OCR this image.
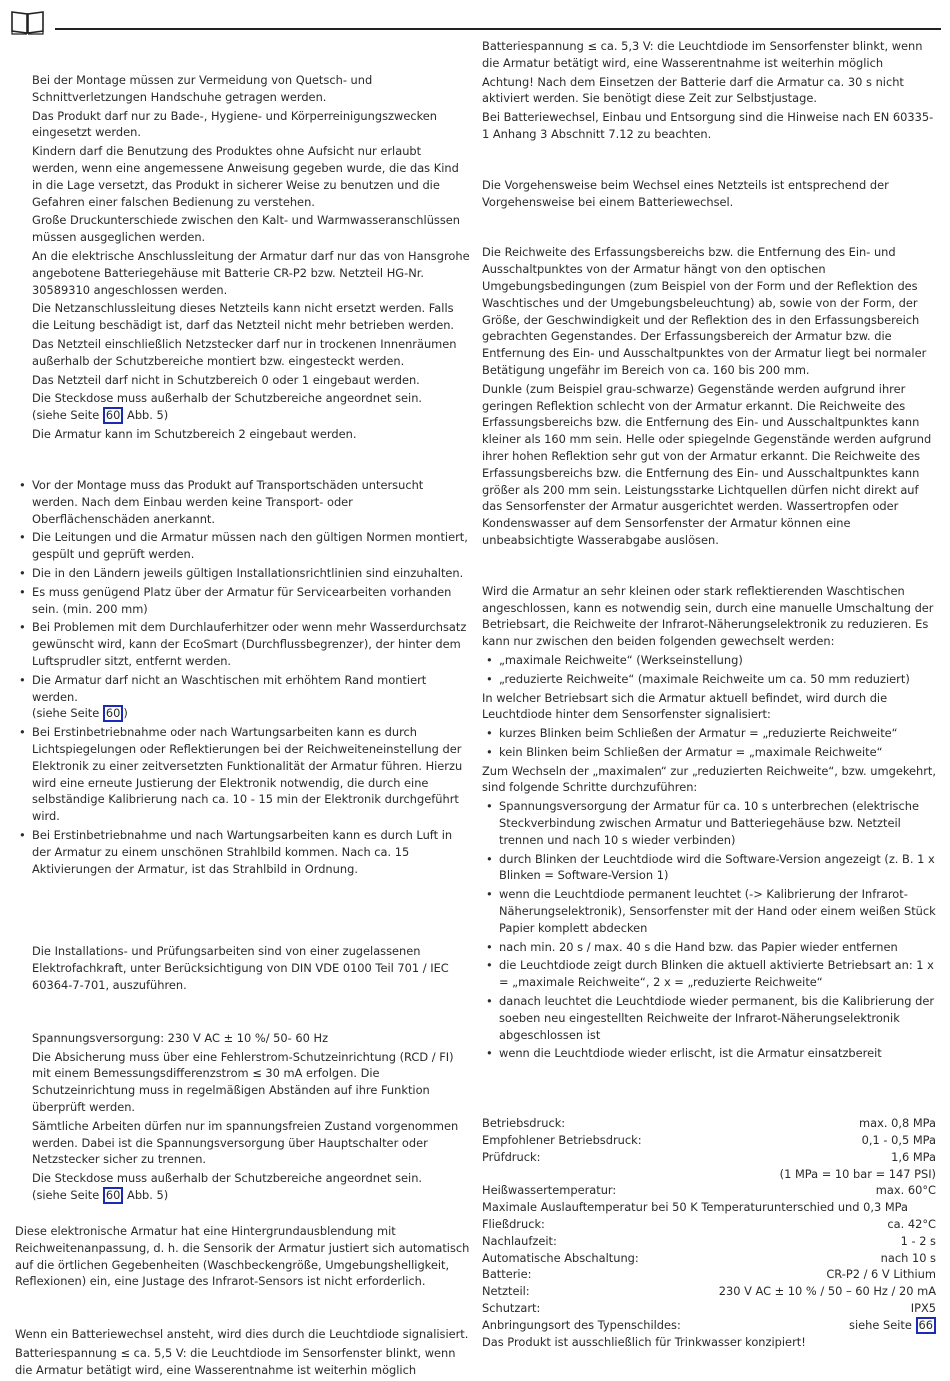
Bei der Montage müssen zur Vermeidung von Quetsch- und Schnittverletzungen Handschuhe getragen werden.

Das Produkt darf nur zu Bade-, Hygiene- und Körperreinigungszwecken eingesetzt werden.

Kindern darf die Benutzung des Produktes ohne Aufsicht nur erlaubt werden, wenn eine angemessene Anweisung gegeben wurde, die das Kind in die Lage versetzt, das Produkt in sicherer Weise zu benutzen und die Gefahren einer falschen Bedienung zu verstehen.

Große Druckunterschiede zwischen den Kalt- und Warmwasseranschlüssen müssen ausgeglichen werden.

An die elektrische Anschlussleitung der Armatur darf nur das von Hansgrohe angebotene Batteriegehäuse mit Batterie CR-P2 bzw. Netzteil HG-Nr. 30589310 angeschlossen werden.

Die Netzanschlussleitung dieses Netzteils kann nicht ersetzt werden. Falls die Leitung beschädigt ist, darf das Netzteil nicht mehr betrieben werden.

Das Netzteil einschließlich Netzstecker darf nur in trockenen Innenräumen außerhalb der Schutzbereiche montiert bzw. eingesteckt werden.

Das Netzteil darf nicht in Schutzbereich 0 oder 1 eingebaut werden.

Die Steckdose muss außerhalb der Schutzbereiche angeordnet sein.
(siehe Seite 60 Abb. 5)

Die Armatur kann im Schutzbereich 2 eingebaut werden.

• Vor der Montage muss das Produkt auf Transportschäden untersucht werden. Nach dem Einbau werden keine Transport- oder Oberflächenschäden anerkannt.
• Die Leitungen und die Armatur müssen nach den gültigen Normen montiert, gespült und geprüft werden.
• Die in den Ländern jeweils gültigen Installationsrichtlinien sind einzuhalten.
• Es muss genügend Platz über der Armatur für Servicearbeiten vorhanden sein. (min. 200 mm)
• Bei Problemen mit dem Durchlauferhitzer oder wenn mehr Wasserdurchsatz gewünscht wird, kann der EcoSmart (Durchflussbegrenzer), der hinter dem Luftsprudler sitzt, entfernt werden.
• Die Armatur darf nicht an Waschtischen mit erhöhtem Rand montiert werden.
(siehe Seite 60 )
• Bei Erstinbetriebnahme oder nach Wartungsarbeiten kann es durch Lichtspiegelungen oder Reflektierungen bei der Reichweiteneinstellung der Elektronik zu einer zeitversetzten Funktionalität der Armatur führen. Hierzu wird eine erneute Justierung der Elektronik notwendig, die durch eine selbständige Kalibrierung nach ca. 10 - 15 min der Elektronik durchgeführt wird.
• Bei Erstinbetriebnahme und nach Wartungsarbeiten kann es durch Luft in der Armatur zu einem unschönen Strahlbild kommen. Nach ca. 15 Aktivierungen der Armatur, ist das Strahlbild in Ordnung.

Die Installations- und Prüfungsarbeiten sind von einer zugelassenen Elektrofachkraft, unter Berücksichtigung von DIN VDE 0100 Teil 701 / IEC 60364-7-701, auszuführen.

Spannungsversorgung: 230 V AC ± 10 %/ 50- 60 Hz

Die Absicherung muss über eine Fehlerstrom-Schutzeinrichtung (RCD / FI) mit einem Bemessungsdifferenzstrom ≤ 30 mA erfolgen. Die Schutzeinrichtung muss in regelmäßigen Abständen auf ihre Funktion überprüft werden.

Sämtliche Arbeiten dürfen nur im spannungsfreien Zustand vorgenommen werden. Dabei ist die Spannungsversorgung über Hauptschalter oder Netzstecker sicher zu trennen.

Die Steckdose muss außerhalb der Schutzbereiche angeordnet sein.
(siehe Seite 60 Abb. 5)

Diese elektronische Armatur hat eine Hintergrundausblendung mit Reichweitenanpassung, d. h. die Sensorik der Armatur justiert sich automatisch auf die örtlichen Gegebenheiten (Waschbeckengröße, Umgebungshelligkeit, Reflexionen) ein, eine Justage des Infrarot-Sensors ist nicht erforderlich.

Wenn ein Batteriewechsel ansteht, wird dies durch die Leuchtdiode signalisiert.

Batteriespannung ≤ ca. 5,5 V: die Leuchtdiode im Sensorfenster blinkt, wenn die Armatur betätigt wird, eine Wasserentnahme ist weiterhin möglich

Batteriespannung ≤ ca. 5,3 V: die Leuchtdiode im Sensorfenster blinkt, wenn die Armatur betätigt wird, eine Wasserentnahme ist weiterhin möglich

Achtung! Nach dem Einsetzen der Batterie darf die Armatur ca. 30 s nicht aktiviert werden. Sie benötigt diese Zeit zur Selbstjustage.

Bei Batteriewechsel, Einbau und Entsorgung sind die Hinweise nach EN 60335-1 Anhang 3 Abschnitt 7.12 zu beachten.

Die Vorgehensweise beim Wechsel eines Netzteils ist entsprechend der Vorgehensweise bei einem Batteriewechsel.

Die Reichweite des Erfassungsbereichs bzw. die Entfernung des Ein- und Ausschaltpunktes von der Armatur hängt von den optischen Umgebungsbedingungen (zum Beispiel von der Form und der Reflektion des Waschtisches und der Umgebungsbeleuchtung) ab, sowie von der Form, der Größe, der Geschwindigkeit und der Reflektion des in den Erfassungsbereich gebrachten Gegenstandes. Der Erfassungsbereich der Armatur bzw. die Entfernung des Ein- und Ausschaltpunktes von der Armatur liegt bei normaler Betätigung ungefähr im Bereich von ca. 160 bis 200 mm.

Dunkle (zum Beispiel grau-schwarze) Gegenstände werden aufgrund ihrer geringen Reflektion schlecht von der Armatur erkannt. Die Reichweite des Erfassungsbereichs bzw. die Entfernung des Ein- und Ausschaltpunktes kann kleiner als 160 mm sein. Helle oder spiegelnde Gegenstände werden aufgrund ihrer hohen Reflektion sehr gut von der Armatur erkannt. Die Reichweite des Erfassungsbereichs bzw. die Entfernung des Ein- und Ausschaltpunktes kann größer als 200 mm sein. Leistungsstarke Lichtquellen dürfen nicht direkt auf das Sensorfenster der Armatur ausgerichtet werden. Wassertropfen oder Kondenswasser auf dem Sensorfenster der Armatur können eine unbeabsichtigte Wasserabgabe auslösen.

Wird die Armatur an sehr kleinen oder stark reflektierenden Waschtischen angeschlossen, kann es notwendig sein, durch eine manuelle Umschaltung der Betriebsart, die Reichweite der Infrarot-Näherungselektronik zu reduzieren. Es kann nur zwischen den beiden folgenden gewechselt werden:

• „maximale Reichweite“ (Werkseinstellung)
• „reduzierte Reichweite“ (maximale Reichweite um ca. 50 mm reduziert)

In welcher Betriebsart sich die Armatur aktuell befindet, wird durch die Leuchtdiode hinter dem Sensorfenster signalisiert:

• kurzes Blinken beim Schließen der Armatur = „reduzierte Reichweite“
• kein Blinken beim Schließen der Armatur = „maximale Reichweite“

Zum Wechseln der „maximalen“ zur „reduzierten Reichweite“, bzw. umgekehrt, sind folgende Schritte durchzuführen:

• Spannungsversorgung der Armatur für ca. 10 s unterbrechen (elektrische Steckverbindung zwischen Armatur und Batteriegehäuse bzw. Netzteil trennen und nach 10 s wieder verbinden)
• durch Blinken der Leuchtdiode wird die Software-Version angezeigt (z. B. 1 x Blinken = Software-Version 1)
• wenn die Leuchtdiode permanent leuchtet (-> Kalibrierung der Infrarot-Näherungselektronik), Sensorfenster mit der Hand oder einem weißen Stück Papier komplett abdecken
• nach min. 20 s / max. 40 s die Hand bzw. das Papier wieder entfernen
• die Leuchtdiode zeigt durch Blinken die aktuell aktivierte Betriebsart an: 1 x = „maximale Reichweite“, 2 x = „reduzierte Reichweite“
• danach leuchtet die Leuchtdiode wieder permanent, bis die Kalibrierung der soeben neu eingestellten Reichweite der Infrarot-Näherungselektronik abgeschlossen ist
• wenn die Leuchtdiode wieder erlischt, ist die Armatur einsatzbereit
Betriebsdruck:	max. 0,8 MPa
Empfohlener Betriebsdruck:	0,1 - 0,5 MPa
Prüfdruck:	1,6 MPa
(1 MPa = 10 bar = 147 PSI)
Heißwassertemperatur:	max. 60°C
Maximale Auslauftemperatur bei 50 K Temperaturunterschied und 0,3 MPa
Fließdruck:	ca. 42°C
Nachlaufzeit:	1 - 2 s
Automatische Abschaltung:	nach 10 s
Batterie:	CR-P2 / 6 V Lithium
Netzteil:	230 V AC ± 10 % / 50 – 60 Hz / 20 mA
Schutzart:	IPX5
Anbringungsort des Typenschildes:	siehe Seite 66
Das Produkt ist ausschließlich für Trinkwasser konzipiert!
